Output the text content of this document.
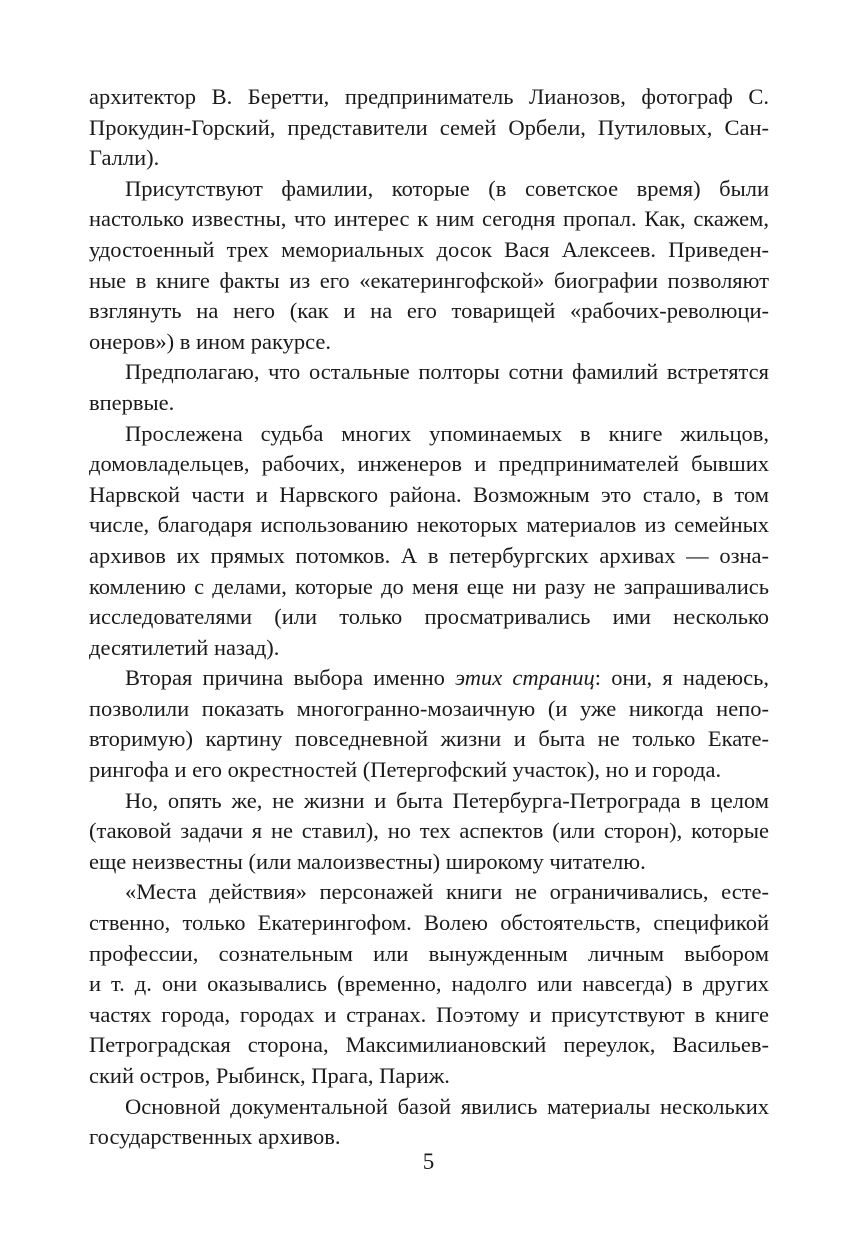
архитектор В. Беретти, предприниматель Лианозов, фотограф С.
Прокудин-Горский, представители семей Орбели, Путиловых, Сан-
Галли).
Присутствуют фамилии, которые (в советское время) были
настолько известны, что интерес к ним сегодня пропал. Как, скажем,
удостоенный трех мемориальных досок Вася Алексеев. Приведен-
ные в книге факты из его «екатерингофской» биографии позволяют
взглянуть на него (как и на его товарищей «рабочих-революци-
онеров») в ином ракурсе.
Предполагаю, что остальные полторы сотни фамилий встретятся
впервые.
Прослежена судьба многих упоминаемых в книге жильцов,
домовладельцев, рабочих, инженеров и предпринимателей бывших
Нарвской части и Нарвского района. Возможным это стало, в том
числе, благодаря использованию некоторых материалов из семейных
архивов их прямых потомков. А в петербургских архивах — озна-
комлению с делами, которые до меня еще ни разу не запрашивались
исследователями (или только просматривались ими несколько
десятилетий назад).
Вторая причина выбора именно этих страниц: они, я надеюсь,
позволили показать многогранно-мозаичную (и уже никогда непо-
вторимую) картину повседневной жизни и быта не только Екате-
рингофа и его окрестностей (Петергофский участок), но и города.
Но, опять же, не жизни и быта Петербурга-Петрограда в целом
(таковой задачи я не ставил), но тех аспектов (или сторон), которые
еще неизвестны (или малоизвестны) широкому читателю.
«Места действия» персонажей книги не ограничивались, есте-
ственно, только Екатерингофом. Волею обстоятельств, спецификой
профессии, сознательным или вынужденным личным выбором
и т. д. они оказывались (временно, надолго или навсегда) в других
частях города, городах и странах. Поэтому и присутствуют в книге
Петроградская сторона, Максимилиановский переулок, Васильев-
ский остров, Рыбинск, Прага, Париж.
Основной документальной базой явились материалы нескольких
государственных архивов.
5
